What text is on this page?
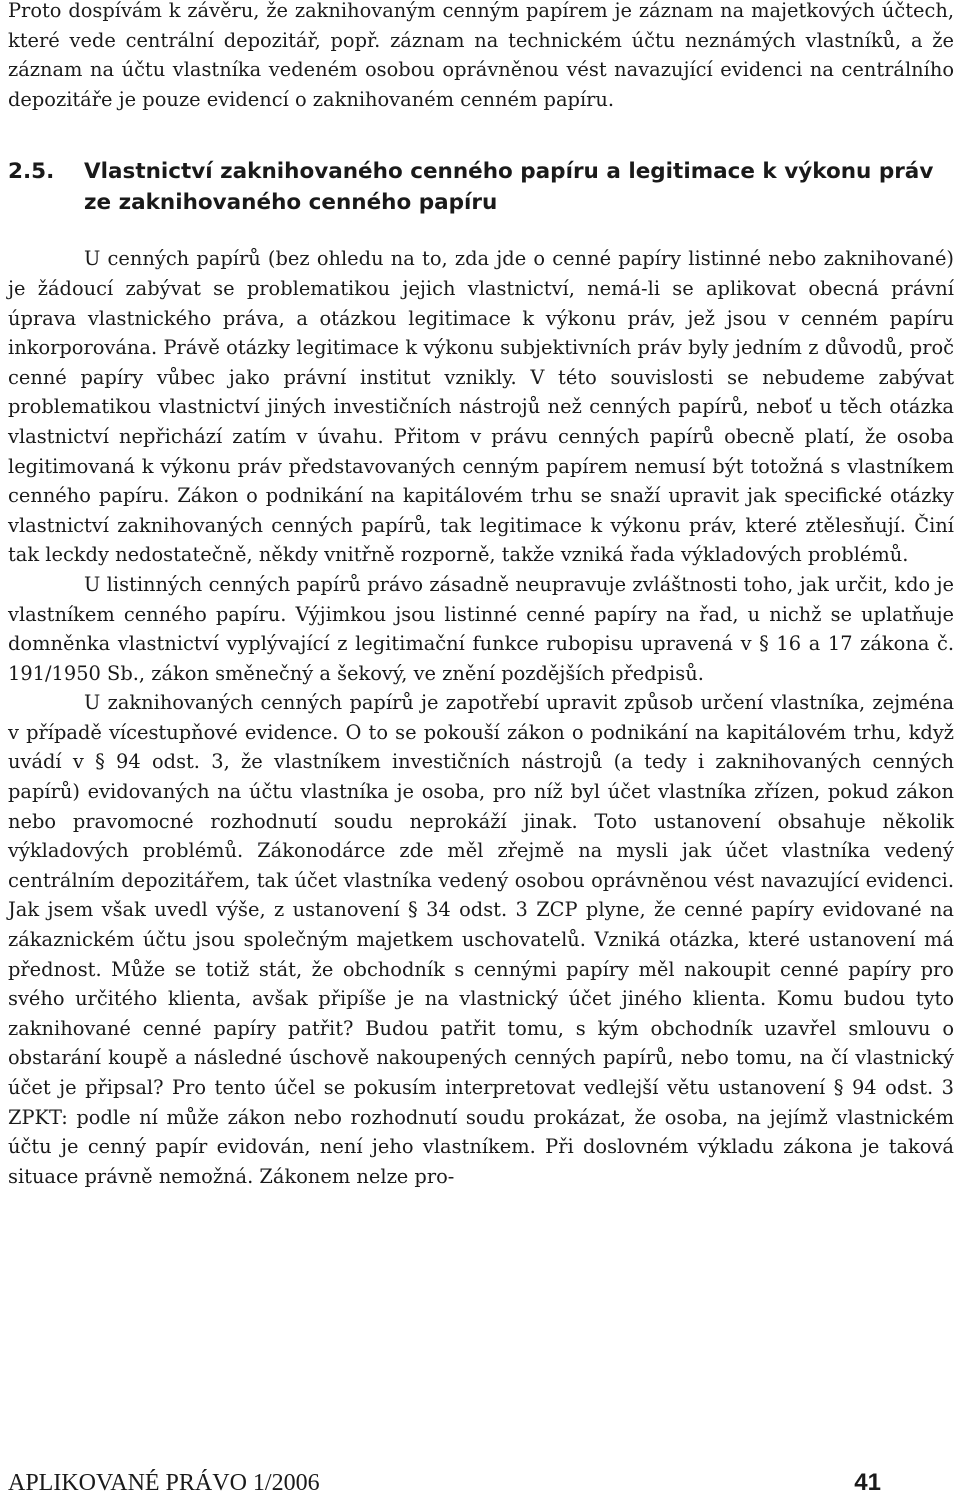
Proto dospívám k závěru, že zaknihovaným cenným papírem je záznam na majetkových účtech, které vede centrální depozitář, popř. záznam na technickém účtu neznámých vlastníků, a že záznam na účtu vlastníka vedeném osobou oprávněnou vést navazující evidenci na centrálního depozitáře je pouze evidencí o zaknihovaném cenném papíru.

2.5.	Vlastnictví zaknihovaného cenného papíru a legitimace k výkonu práv ze zaknihovaného cenného papíru

U cenných papírů (bez ohledu na to, zda jde o cenné papíry listinné nebo zaknihované) je žádoucí zabývat se problematikou jejich vlastnictví, nemá-li se aplikovat obecná právní úprava vlastnického práva, a otázkou legitimace k výkonu práv, jež jsou v cenném papíru inkorporována. Právě otázky legitimace k výkonu subjektivních práv byly jedním z důvodů, proč cenné papíry vůbec jako právní institut vznikly. V této souvislosti se nebudeme zabývat problematikou vlastnictví jiných investičních nástrojů než cenných papírů, neboť u těch otázka vlastnictví nepřichází zatím v úvahu. Přitom v právu cenných papírů obecně platí, že osoba legitimovaná k výkonu práv představovaných cenným papírem nemusí být totožná s vlastníkem cenného papíru. Zákon o podnikání na kapitálovém trhu se snaží upravit jak specifické otázky vlastnictví zaknihovaných cenných papírů, tak legitimace k výkonu práv, které ztělesňují. Činí tak leckdy nedostatečně, někdy vnitřně rozporně, takže vzniká řada výkladových problémů.

U listinných cenných papírů právo zásadně neupravuje zvláštnosti toho, jak určit, kdo je vlastníkem cenného papíru. Výjimkou jsou listinné cenné papíry na řad, u nichž se uplatňuje domněnka vlastnictví vyplývající z legitimační funkce rubopisu upravená v § 16 a 17 zákona č. 191/1950 Sb., zákon směnečný a šekový, ve znění pozdějších předpisů.

U zaknihovaných cenných papírů je zapotřebí upravit způsob určení vlastníka, zejména v případě vícestupňové evidence. O to se pokouší zákon o podnikání na kapitálovém trhu, když uvádí v § 94 odst. 3, že vlastníkem investičních nástrojů (a tedy i zaknihovaných cenných papírů) evidovaných na účtu vlastníka je osoba, pro níž byl účet vlastníka zřízen, pokud zákon nebo pravomocné rozhodnutí soudu neprokáží jinak. Toto ustanovení obsahuje několik výkladových problémů. Zákonodárce zde měl zřejmě na mysli jak účet vlastníka vedený centrálním depozitářem, tak účet vlastníka vedený osobou oprávněnou vést navazující evidenci. Jak jsem však uvedl výše, z ustanovení § 34 odst. 3 ZCP plyne, že cenné papíry evidované na zákaznickém účtu jsou společným majetkem uschovatelů. Vzniká otázka, které ustanovení má přednost. Může se totiž stát, že obchodník s cennými papíry měl nakoupit cenné papíry pro svého určitého klienta, avšak připíše je na vlastnický účet jiného klienta. Komu budou tyto zaknihované cenné papíry patřit? Budou patřit tomu, s kým obchodník uzavřel smlouvu o obstarání koupě a následné úschově nakoupených cenných papírů, nebo tomu, na čí vlastnický účet je připsal? Pro tento účel se pokusím interpretovat vedlejší větu ustanovení § 94 odst. 3 ZPKT: podle ní může zákon nebo rozhodnutí soudu prokázat, že osoba, na jejímž vlastnickém účtu je cenný papír evidován, není jeho vlastníkem. Při doslovném výkladu zákona je taková situace právně nemožná. Zákonem nelze pro-

APLIKOVANÉ PRÁVO 1/2006	41
